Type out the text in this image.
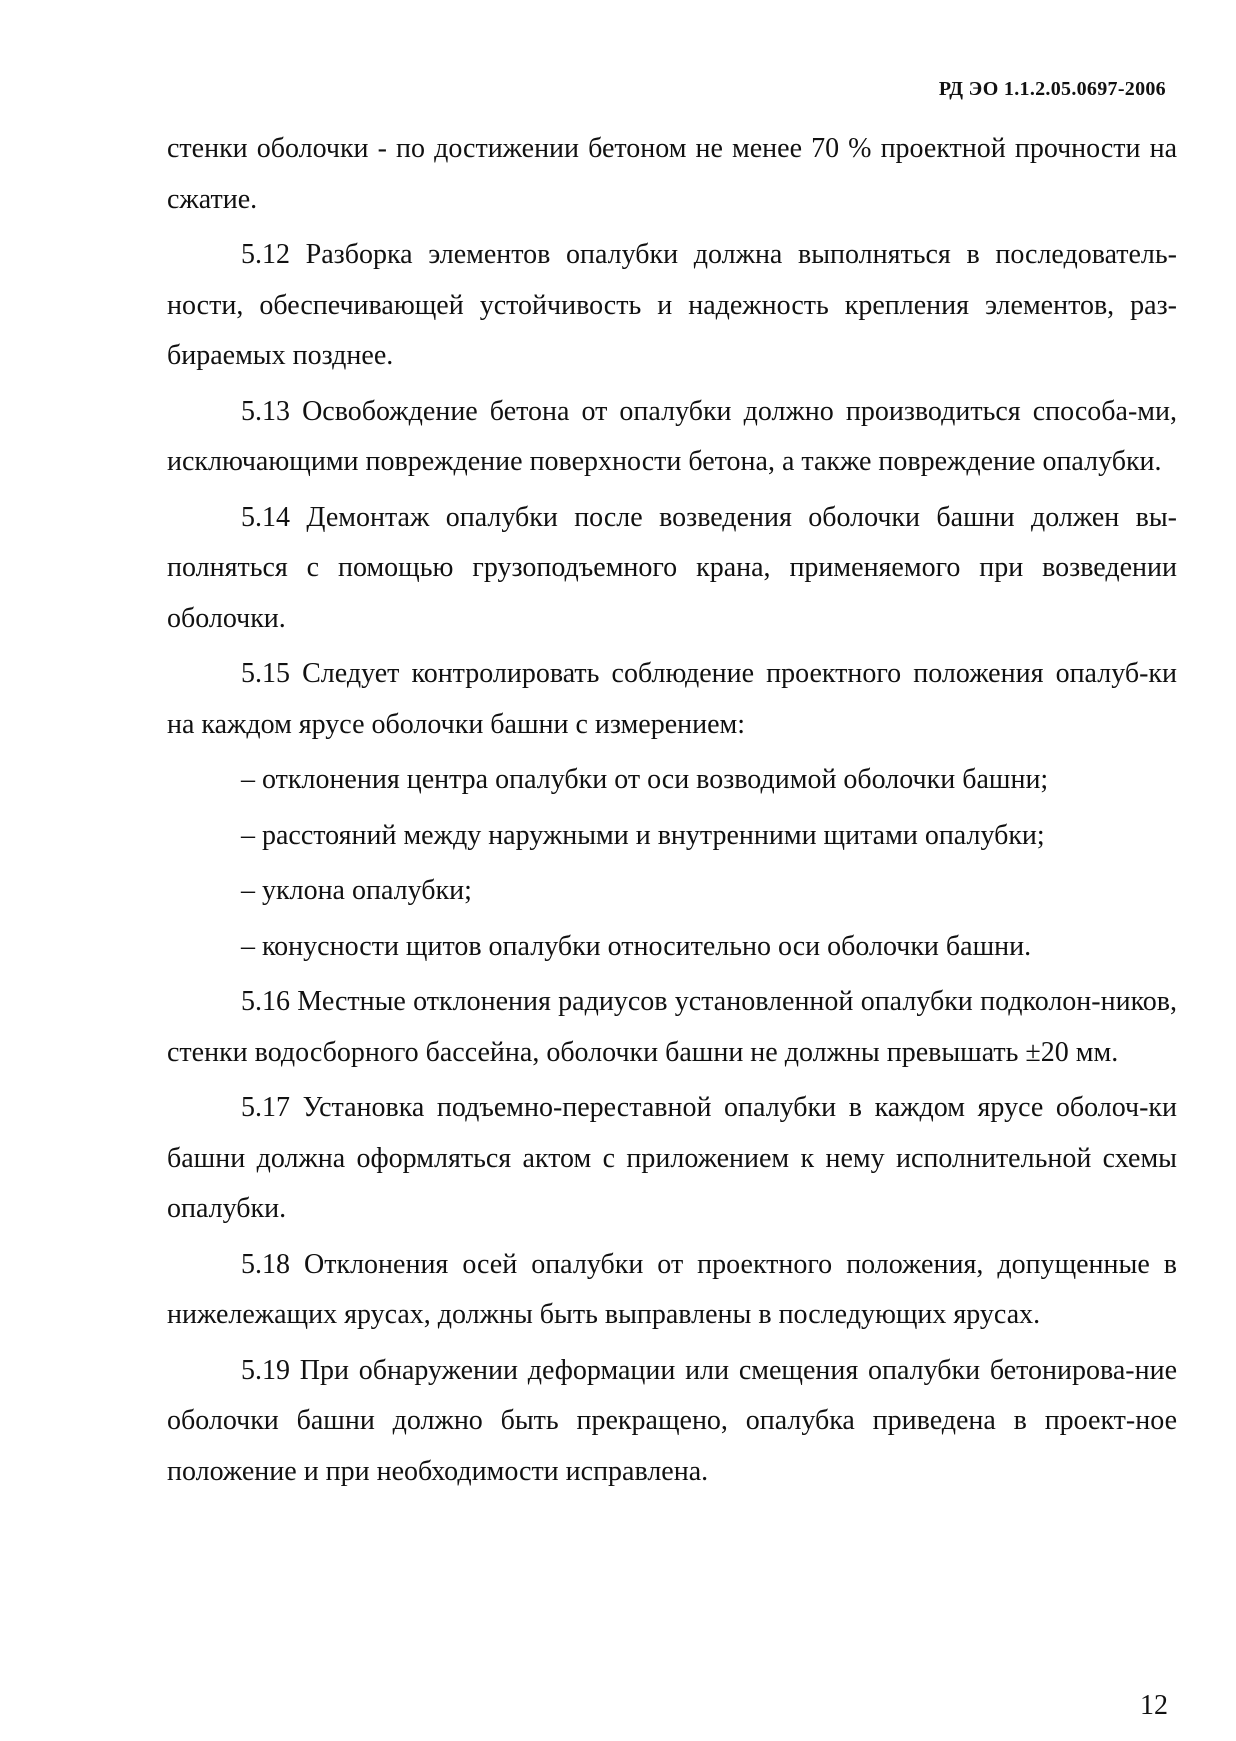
РД ЭО 1.1.2.05.0697-2006

стенки оболочки - по достижении бетоном не менее 70 % проектной прочности на сжатие.

5.12 Разборка элементов опалубки должна выполняться в последователь-ности, обеспечивающей устойчивость и надежность крепления элементов, раз-бираемых позднее.

5.13 Освобождение бетона от опалубки должно производиться способа-ми, исключающими повреждение поверхности бетона, а также повреждение опалубки.

5.14 Демонтаж опалубки после возведения оболочки башни должен вы-полняться с помощью грузоподъемного крана, применяемого при возведении оболочки.

5.15 Следует контролировать соблюдение проектного положения опалуб-ки на каждом ярусе оболочки башни с измерением:

– отклонения центра опалубки от оси возводимой оболочки башни;

– расстояний между наружными и внутренними щитами опалубки;

– уклона опалубки;

– конусности щитов опалубки относительно оси оболочки башни.

5.16 Местные отклонения радиусов установленной опалубки подколон-ников, стенки водосборного бассейна, оболочки башни не должны превышать ±20 мм.

5.17 Установка подъемно-переставной опалубки в каждом ярусе оболоч-ки башни должна оформляться актом с приложением к нему исполнительной схемы опалубки.

5.18 Отклонения осей опалубки от проектного положения, допущенные в нижележащих ярусах, должны быть выправлены в последующих ярусах.

5.19 При обнаружении деформации или смещения опалубки бетонирова-ние оболочки башни должно быть прекращено, опалубка приведена в проект-ное положение и при необходимости исправлена.

12
